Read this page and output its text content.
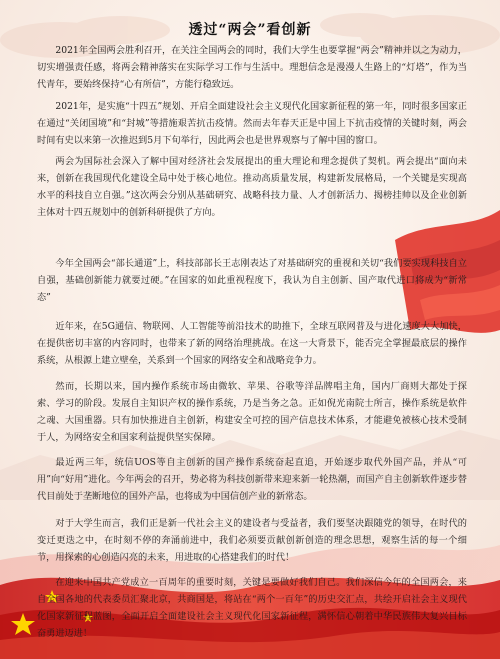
透过“两会”看创新

2021年全国两会胜利召开，在关注全国两会的同时，我们大学生也要掌握“两会”精神并以之为动力，切实增强责任感，将两会精神落实在实际学习工作与生活中。理想信念是漫漫人生路上的“灯塔”，作为当代青年，要始终保持“心有所信”，方能行稳致远。

2021年，是实施“十四五”规划、开启全面建设社会主义现代化国家新征程的第一年，同时很多国家正在通过“关闭国境”和“封城”等措施艰苦抗击疫情。然而去年春天正是中国上下抗击疫情的关键时刻，两会时间有史以来第一次推迟到5月下旬举行，因此两会也是世界观察与了解中国的窗口。

两会为国际社会深入了解中国对经济社会发展提出的重大理论和理念提供了契机。两会提出“面向未来，创新在我国现代化建设全局中处于核心地位。推动高质量发展，构建新发展格局，一个关键是实现高水平的科技自立自强。”这次两会分别从基础研究、战略科技力量、人才创新活力、揭榜挂帅以及企业创新主体对十四五规划中的创新科研提供了方向。

今年全国两会“部长通道”上，科技部部长王志刚表达了对基础研究的重视和关切“我们要实现科技自立自强，基础创新能力就要过硬。”在国家的如此重视程度下，我认为自主创新、国产取代进口将成为“新常态”

近年来，在5G通信、物联网、人工智能等前沿技术的助推下，全球互联网普及与进化速度大大加快，在提供密切丰富的内容同时，也带来了新的网络治理挑战。在这一大背景下，能否完全掌握最底层的操作系统，从根源上建立壁垒，关系到一个国家的网络安全和战略竞争力。

然而，长期以来，国内操作系统市场由微软、苹果、谷歌等洋品牌唱主角，国内厂商则大都处于探索、学习的阶段。发展自主知识产权的操作系统，乃是当务之急。正如倪光南院士所言，操作系统是软件之魂、大国重器。只有加快推进自主创新，构建安全可控的国产信息技术体系，才能避免被核心技术受制于人，为网络安全和国家利益提供坚实保障。

最近两三年，统信UOS等自主创新的国产操作系统奋起直追，开始逐步取代外国产品，并从“可用”向“好用”进化。今年两会的召开，势必将为科技创新带来迎来新一轮热潮，而国产自主创新软件逐步替代目前处于垄断地位的国外产品，也将成为中国信创产业的新常态。

对于大学生而言，我们正是新一代社会主义的建设者与受益者，我们要坚决跟随党的领导，在时代的变迁更迭之中，在时刻不停的奔涌前进中，我们必须要贡献创新创造的理念思想，观察生活的每一个细节，用探索的心创造闪亮的未来，用进取的心搭建我们的时代！

在迎来中国共产党成立一百周年的重要时刻，关键是要做好我们自己。我们深信今年的全国两会，来自全国各地的代表委员汇聚北京，共商国是，将站在“两个一百年”的历史交汇点，共绘开启社会主义现代化国家新征程蓝图，全面开启全面建设社会主义现代化国家新征程，满怀信心朝着中华民族伟大复兴目标奋勇进迈进！
